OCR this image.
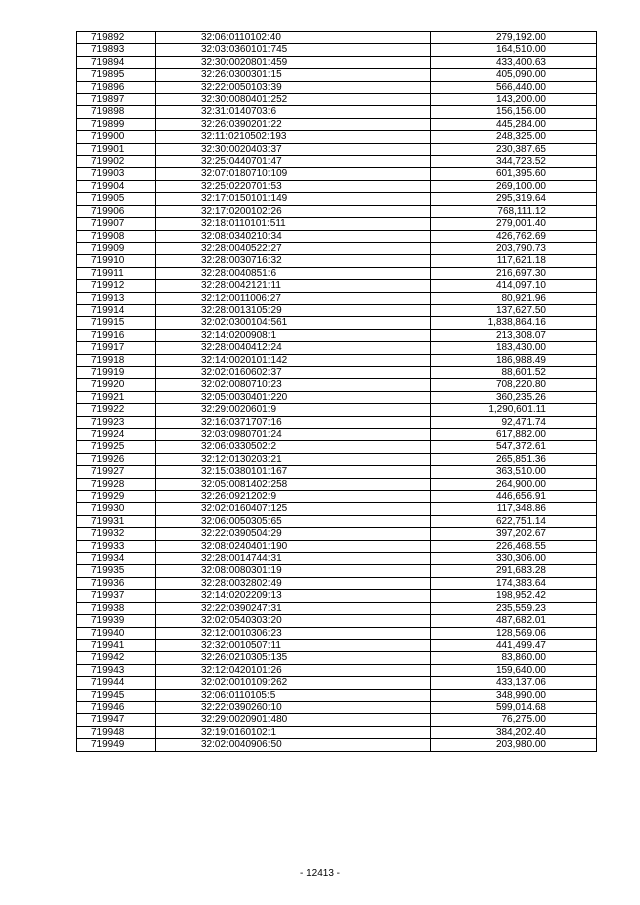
719892	32:06:0110102:40	279,192.00
719893	32:03:0360101:745	164,510.00
719894	32:30:0020801:459	433,400.63
719895	32:26:0300301:15	405,090.00
719896	32:22:0050103:39	566,440.00
719897	32:30:0080401:252	143,200.00
719898	32:31:0140703:6	156,156.00
719899	32:26:0390201:22	445,284.00
719900	32:11:0210502:193	248,325.00
719901	32:30:0020403:37	230,387.65
719902	32:25:0440701:47	344,723.52
719903	32:07:0180710:109	601,395.60
719904	32:25:0220701:53	269,100.00
719905	32:17:0150101:149	295,319.64
719906	32:17:0200102:26	768,111.12
719907	32:18:0110101:511	279,001.40
719908	32:08:0340210:34	426,762.69
719909	32:28:0040522:27	203,790.73
719910	32:28:0030716:32	117,621.18
719911	32:28:0040851:6	216,697.30
719912	32:28:0042121:11	414,097.10
719913	32:12:0011006:27	80,921.96
719914	32:28:0013105:29	137,627.50
719915	32:02:0300104:561	1,838,864.16
719916	32:14:0200908:1	213,308.07
719917	32:28:0040412:24	183,430.00
719918	32:14:0020101:142	186,988.49
719919	32:02:0160602:37	88,601.52
719920	32:02:0080710:23	708,220.80
719921	32:05:0030401:220	360,235.26
719922	32:29:0020601:9	1,290,601.11
719923	32:16:0371707:16	92,471.74
719924	32:03:0980701:24	617,882.00
719925	32:06:0330502:2	547,372.61
719926	32:12:0130203:21	265,851.36
719927	32:15:0380101:167	363,510.00
719928	32:05:0081402:258	264,900.00
719929	32:26:0921202:9	446,656.91
719930	32:02:0160407:125	117,348.86
719931	32:06:0050305:65	622,751.14
719932	32:22:0390504:29	397,202.67
719933	32:08:0240401:190	226,468.55
719934	32:28:0014744:31	330,306.00
719935	32:08:0080301:19	291,683.28
719936	32:28:0032802:49	174,383.64
719937	32:14:0202209:13	198,952.42
719938	32:22:0390247:31	235,559.23
719939	32:02:0540303:20	487,682.01
719940	32:12:0010306:23	128,569.06
719941	32:32:0010507:11	441,499.47
719942	32:26:0210305:135	83,860.00
719943	32:12:0420101:26	159,640.00
719944	32:02:0010109:262	433,137.06
719945	32:06:0110105:5	348,990.00
719946	32:22:0390260:10	599,014.68
719947	32:29:0020901:480	76,275.00
719948	32:19:0160102:1	384,202.40
719949	32:02:0040906:50	203,980.00
- 12413 -
